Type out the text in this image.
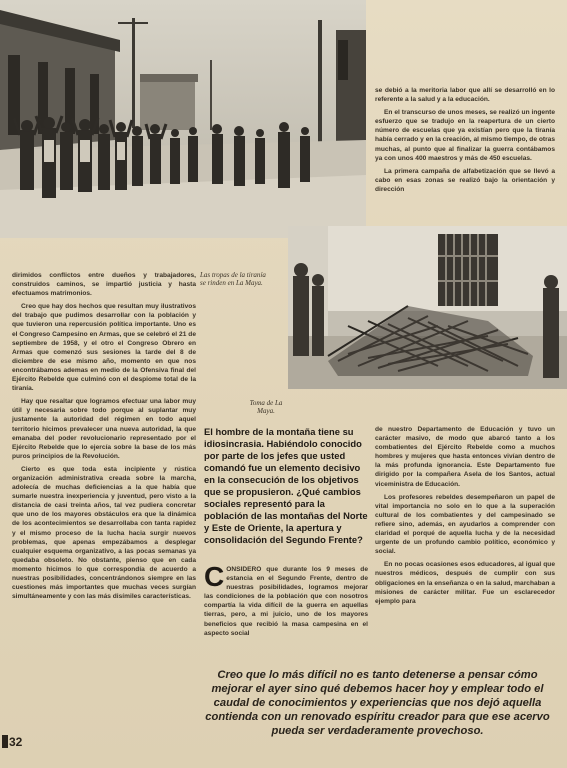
se debió a la meritoria labor que allí se desarrolló en lo referente a la salud y a la educación.

En el transcurso de unos meses, se realizó un ingente esfuerzo que se tradujo en la reapertura de un cierto número de escuelas que ya existían pero que la tiranía había cerrado y en la creación, al mismo tiempo, de otras muchas, al punto que al finalizar la guerra contábamos ya con unos 400 maestros y más de 450 escuelas.

La primera campaña de alfabetización que se llevó a cabo en esas zonas se realizó bajo la orientación y dirección

Las tropas de la tiranía se rinden en La Maya.
Toma de La Maya.

dirimidos conflictos entre dueños y trabajadores, construidos caminos, se impartió justicia y hasta efectuamos matrimonios.

Creo que hay dos hechos que resultan muy ilustrativos del trabajo que pudimos desarrollar con la población y que tuvieron una repercusión política importante. Uno es el Congreso Campesino en Armas, que se celebró el 21 de septiembre de 1958, y el otro el Congreso Obrero en Armas que comenzó sus sesiones la tarde del 8 de diciembre de ese mismo año, momento en que nos encontrábamos ademas en medio de la Ofensiva final del Ejército Rebelde que culminó con el despiome total de la tiranía.

Hay que resaltar que logramos efectuar una labor muy útil y necesaria sobre todo porque al suplantar muy justamente la autoridad del régimen en todo aquel territorio hicimos prevalecer una nueva autoridad, la que emanaba del poder revolucionario representado por el Ejército Rebelde que lo ejercía sobre la base de los más puros principios de la Revolución.

Cierto es que toda esta incipiente y rústica organización administrativa creada sobre la marcha, adolecía de muchas deficiencias a la que había que sumarle nuestra inexperiencia y juventud, pero visto a la distancia de casi treinta años, tal vez pudiera concretar que uno de los mayores obstáculos era que la dinámica de los acontecimientos se desarrollaba con tanta rapidez y el mismo proceso de la lucha hacia surgir nuevos problemas, que apenas empezábamos a desplegar cualquier esquema organizativo, a las pocas semanas ya quedaba obsoleto. No obstante, pienso que en cada momento hicimos lo que correspondía de acuerdo a nuestras posibilidades, concentrándonos siempre en las cuestiones más importantes que muchas veces surgían simultáneamente y con las más disímiles características.

El hombre de la montaña tiene su idiosincrasia. Habiéndolo conocido por parte de los jefes que usted comandó fue un elemento decisivo en la consecución de los objetivos que se propusieron. ¿Qué cambios sociales representó para la población de las montañas del Norte y Este de Oriente, la apertura y consolidación del Segundo Frente?
CONSIDERO que durante los 9 meses de estancia en el Segundo Frente, dentro de nuestras posibilidades, logramos mejorar las condiciones de la población que con nosotros compartía la vida difícil de la guerra en aquellas tierras, pero, a mi juicio, uno de los mayores beneficios que recibió la masa campesina en el aspecto social

de nuestro Departamento de Educación y tuvo un carácter masivo, de modo que abarcó tanto a los combatientes del Ejército Rebelde como a muchos hombres y mujeres que hasta entonces vivían dentro de la más profunda ignorancia. Este Departamento fue dirigido por la compañera Asela de los Santos, actual viceministra de Educación.

Los profesores rebeldes desempeñaron un papel de vital importancia no solo en lo que a la superación cultural de los combatientes y del campesinado se refiere sino, además, en ayudarlos a comprender con claridad el porqué de aquella lucha y de la necesidad urgente de un profundo cambio político, económico y social.

En no pocas ocasiones esos educadores, al igual que nuestros médicos, después de cumplir con sus obligaciones en la enseñanza o en la salud, marchaban a misiones de carácter militar. Fue un esclarecedor ejemplo para

Creo que lo más difícil no es tanto detenerse a pensar cómo mejorar el ayer sino qué debemos hacer hoy y emplear todo el caudal de conocimientos y experiencias que nos dejó aquella contienda con un renovado espíritu creador para que ese acervo pueda ser verdaderamente provechoso.
32
